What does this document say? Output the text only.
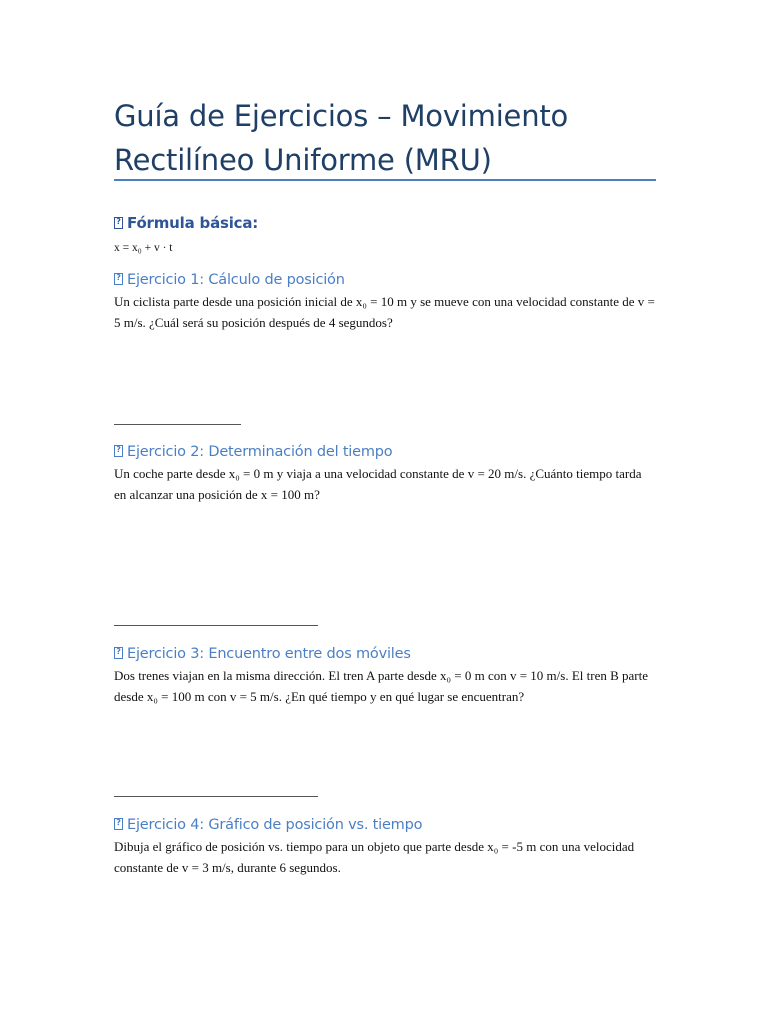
Guía de Ejercicios – Movimiento Rectilíneo Uniforme (MRU)
?Fórmula básica:

x = x₀ + v · t

?Ejercicio 1: Cálculo de posición

Un ciclista parte desde una posición inicial de x₀ = 10 m y se mueve con una velocidad constante de v = 5 m/s. ¿Cuál será su posición después de 4 segundos?

?Ejercicio 2: Determinación del tiempo

Un coche parte desde x₀ = 0 m y viaja a una velocidad constante de v = 20 m/s. ¿Cuánto tiempo tarda en alcanzar una posición de x = 100 m?

?Ejercicio 3: Encuentro entre dos móviles

Dos trenes viajan en la misma dirección. El tren A parte desde x₀ = 0 m con v = 10 m/s. El tren B parte desde x₀ = 100 m con v = 5 m/s. ¿En qué tiempo y en qué lugar se encuentran?

?Ejercicio 4: Gráfico de posición vs. tiempo

Dibuja el gráfico de posición vs. tiempo para un objeto que parte desde x₀ = -5 m con una velocidad constante de v = 3 m/s, durante 6 segundos.
